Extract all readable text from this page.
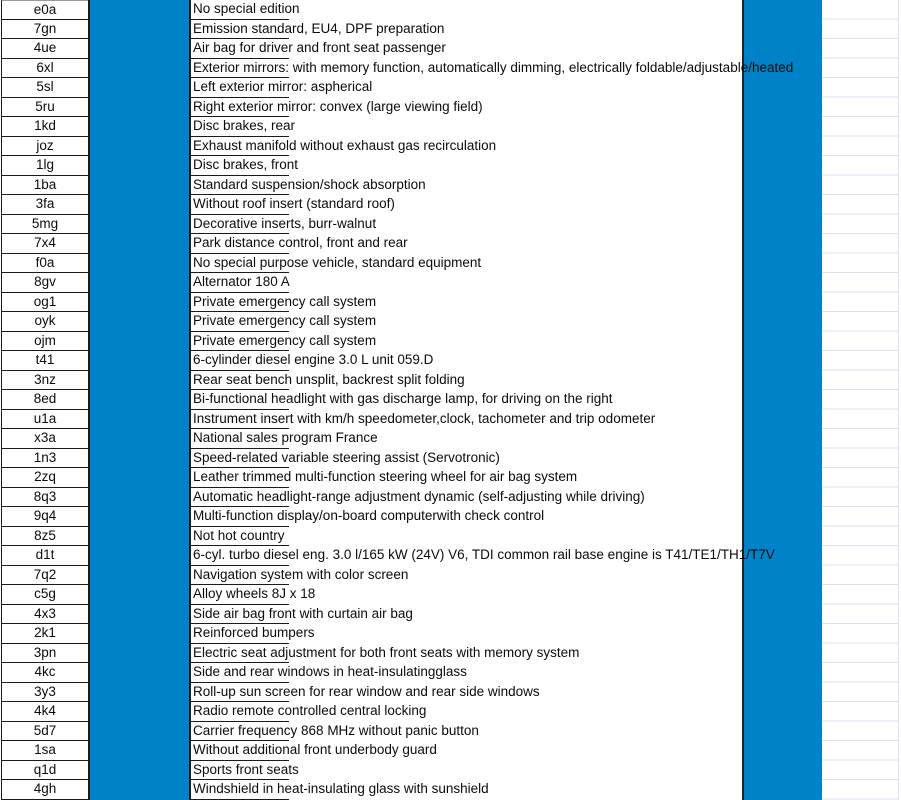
e0a	No special edition
7gn	Emission standard, EU4, DPF preparation
4ue	Air bag for driver and front seat passenger
6xl	Exterior mirrors: with memory function, automatically dimming, electrically foldable/adjustable/heated
5sl	Left exterior mirror: aspherical
5ru	Right exterior mirror: convex (large viewing field)
1kd	Disc brakes, rear
joz	Exhaust manifold without exhaust gas recirculation
1lg	Disc brakes, front
1ba	Standard suspension/shock absorption
3fa	Without roof insert (standard roof)
5mg	Decorative inserts, burr-walnut
7x4	Park distance control, front and rear
f0a	No special purpose vehicle, standard equipment
8gv	Alternator 180 A
og1	Private emergency call system
oyk	Private emergency call system
ojm	Private emergency call system
t41	6-cylinder diesel engine 3.0 L unit 059.D
3nz	Rear seat bench unsplit, backrest split folding
8ed	Bi-functional headlight with gas discharge lamp, for driving on the right
u1a	Instrument insert with km/h speedometer,clock, tachometer and trip odometer
x3a	National sales program France
1n3	Speed-related variable steering assist (Servotronic)
2zq	Leather trimmed multi-function steering wheel for air bag system
8q3	Automatic headlight-range adjustment dynamic (self-adjusting while driving)
9q4	Multi-function display/on-board computerwith check control
8z5	Not hot country
d1t	6-cyl. turbo diesel eng. 3.0 l/165 kW (24V) V6, TDI common rail base engine is T41/TE1/TH1/T7V
7q2	Navigation system with color screen
c5g	Alloy wheels 8J x 18
4x3	Side air bag front with curtain air bag
2k1	Reinforced bumpers
3pn	Electric seat adjustment for both front seats with memory system
4kc	Side and rear windows in heat-insulatingglass
3y3	Roll-up sun screen for rear window and rear side windows
4k4	Radio remote controlled central locking
5d7	Carrier frequency 868 MHz without panic button
1sa	Without additional front underbody guard
q1d	Sports front seats
4gh	Windshield in heat-insulating glass with sunshield
